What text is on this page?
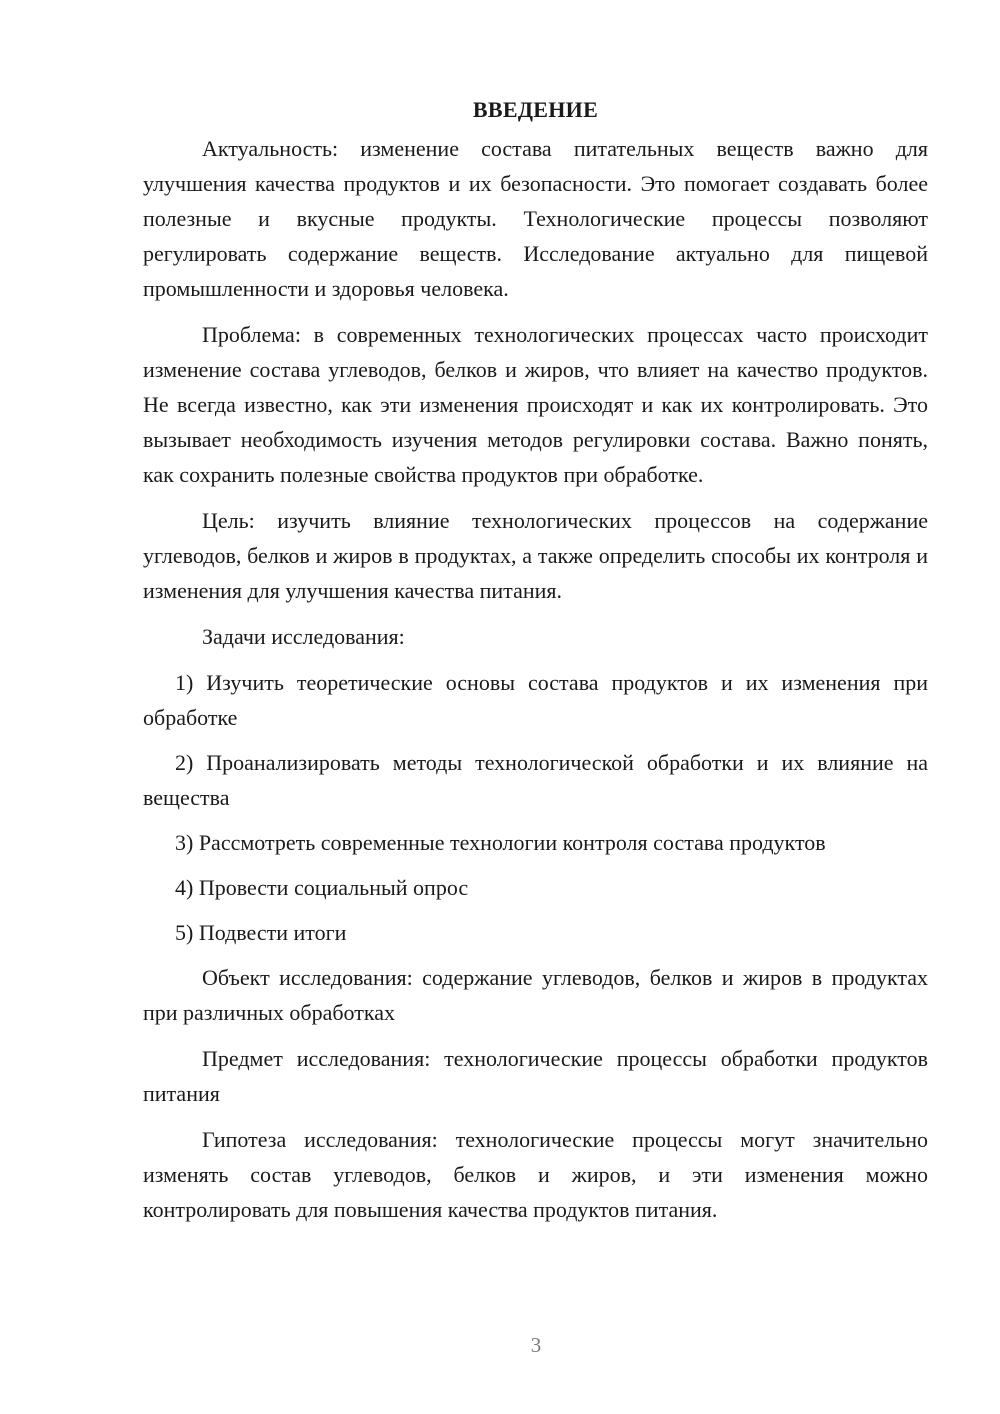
ВВЕДЕНИЕ

Актуальность: изменение состава питательных веществ важно для улучшения качества продуктов и их безопасности. Это помогает создавать более полезные и вкусные продукты. Технологические процессы позволяют регулировать содержание веществ. Исследование актуально для пищевой промышленности и здоровья человека.

Проблема: в современных технологических процессах часто происходит изменение состава углеводов, белков и жиров, что влияет на качество продуктов. Не всегда известно, как эти изменения происходят и как их контролировать. Это вызывает необходимость изучения методов регулировки состава. Важно понять, как сохранить полезные свойства продуктов при обработке.

Цель: изучить влияние технологических процессов на содержание углеводов, белков и жиров в продуктах, а также определить способы их контроля и изменения для улучшения качества питания.

Задачи исследования:

1) Изучить теоретические основы состава продуктов и их изменения при обработке

2) Проанализировать методы технологической обработки и их влияние на вещества

3) Рассмотреть современные технологии контроля состава продуктов

4) Провести социальный опрос

5) Подвести итоги

Объект исследования: содержание углеводов, белков и жиров в продуктах при различных обработках

Предмет исследования: технологические процессы обработки продуктов питания

Гипотеза исследования: технологические процессы могут значительно изменять состав углеводов, белков и жиров, и эти изменения можно контролировать для повышения качества продуктов питания.

3
